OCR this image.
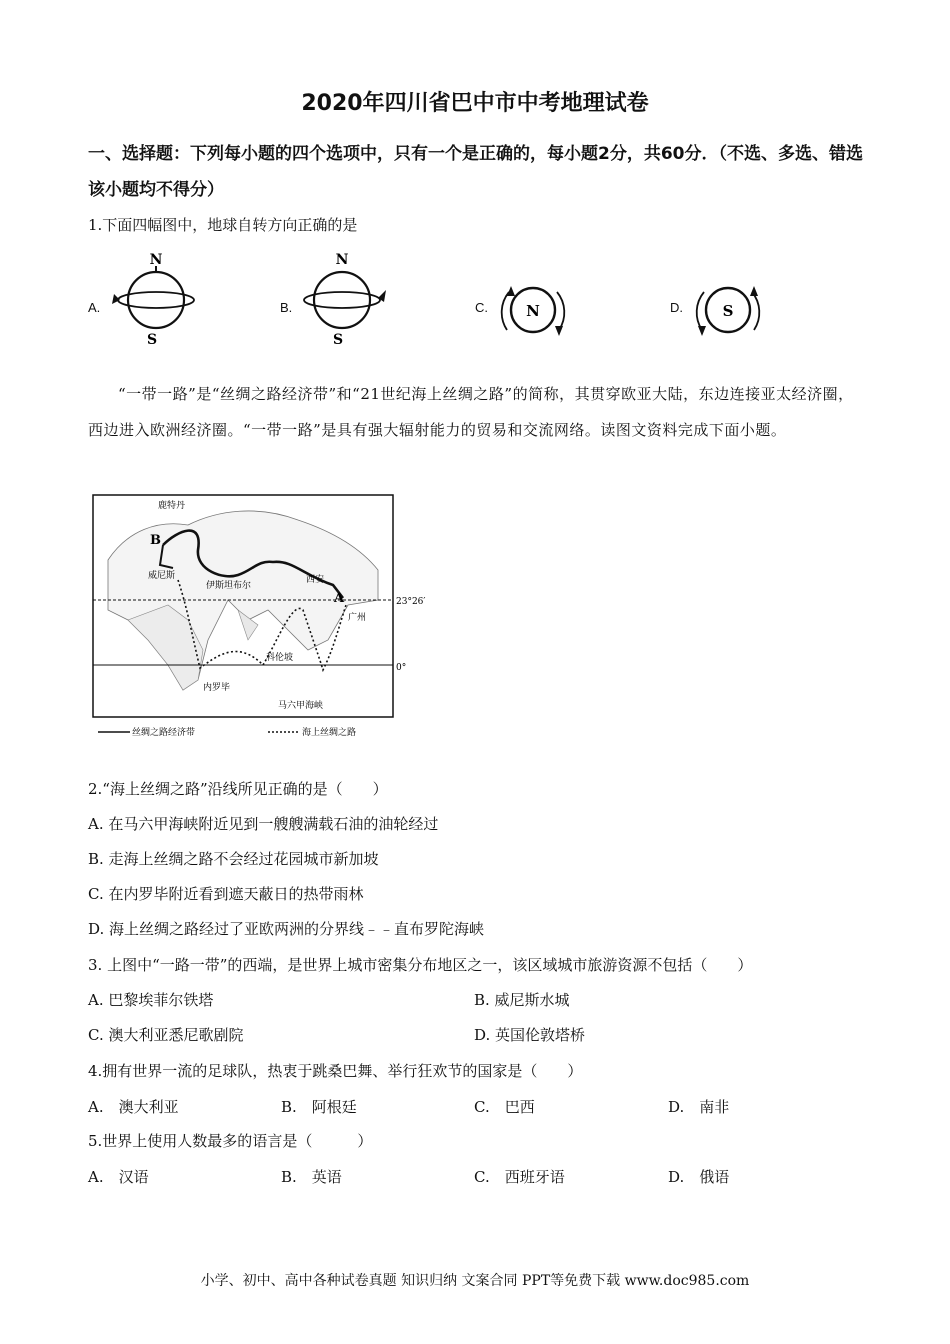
2020年四川省巴中市中考地理试卷
一、选择题：下列每小题的四个选项中，只有一个是正确的，每小题2分，共60分．（不选、多选、错选该小题均不得分）
1.下面四幅图中，地球自转方向正确的是
A.
N
S
B.
N
S
C.	N	D.	S
“一带一路”是“丝绸之路经济带”和“21世纪海上丝绸之路”的简称，其贯穿欧亚大陆，东边连接亚太经济圈，西边进入欧洲经济圈。“一带一路”是具有强大辐射能力的贸易和交流网络。读图文资料完成下面小题。
鹿特丹
B
威尼斯
伊斯坦布尔
西安
A
广州
科伦坡
内罗毕
马六甲海峡
23°26′
0°
丝绸之路经济带	海上丝绸之路
2.“海上丝绸之路”沿线所见正确的是（　　）
A. 在马六甲海峡附近见到一艘艘满载石油的油轮经过
B. 走海上丝绸之路不会经过花园城市新加坡
C. 在内罗毕附近看到遮天蔽日的热带雨林
D. 海上丝绸之路经过了亚欧两洲的分界线﹣﹣直布罗陀海峡
3. 上图中“一路一带”的西端，是世界上城市密集分布地区之一，该区域城市旅游资源不包括（　　）
A. 巴黎埃菲尔铁塔	B. 威尼斯水城
C. 澳大利亚悉尼歌剧院	D. 英国伦敦塔桥
4.拥有世界一流的足球队，热衷于跳桑巴舞、举行狂欢节的国家是（　　）
A.　澳大利亚	B.　阿根廷	C.　巴西	D.　南非
5.世界上使用人数最多的语言是（　　　）
A.　汉语	B.　英语	C.　西班牙语	D.　俄语
小学、初中、高中各种试卷真题 知识归纳 文案合同 PPT等免费下载 www.doc985.com
